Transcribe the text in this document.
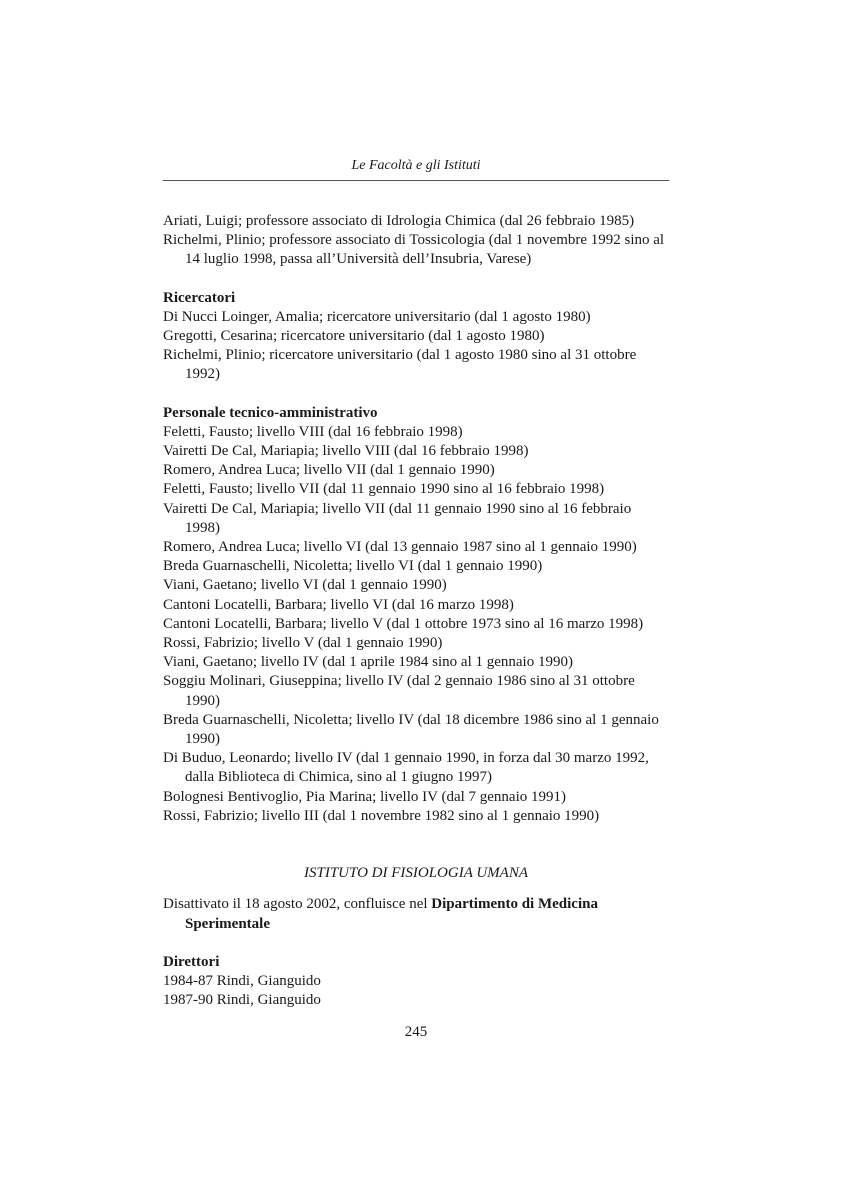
Le Facoltà e gli Istituti

Ariati, Luigi; professore associato di Idrologia Chimica (dal 26 febbraio 1985)

Richelmi, Plinio; professore associato di Tossicologia (dal 1 novembre 1992 sino al 14 luglio 1998, passa all’Università dell’Insubria, Varese)

Ricercatori

Di Nucci Loinger, Amalia; ricercatore universitario (dal 1 agosto 1980)

Gregotti, Cesarina; ricercatore universitario (dal 1 agosto 1980)

Richelmi, Plinio; ricercatore universitario (dal 1 agosto 1980 sino al 31 ottobre 1992)

Personale tecnico-amministrativo

Feletti, Fausto; livello VIII (dal 16 febbraio 1998)

Vairetti De Cal, Mariapia; livello VIII (dal 16 febbraio 1998)

Romero, Andrea Luca; livello VII (dal 1 gennaio 1990)

Feletti, Fausto; livello VII (dal 11 gennaio 1990 sino al 16 febbraio 1998)

Vairetti De Cal, Mariapia; livello VII (dal 11 gennaio 1990 sino al 16 febbraio 1998)

Romero, Andrea Luca; livello VI (dal 13 gennaio 1987 sino al 1 gennaio 1990)

Breda Guarnaschelli, Nicoletta; livello VI (dal 1 gennaio 1990)

Viani, Gaetano; livello VI (dal 1 gennaio 1990)

Cantoni Locatelli, Barbara; livello VI (dal 16 marzo 1998)

Cantoni Locatelli, Barbara; livello V (dal 1 ottobre 1973 sino al 16 marzo 1998)

Rossi, Fabrizio; livello V (dal 1 gennaio 1990)

Viani, Gaetano; livello IV (dal 1 aprile 1984 sino al 1 gennaio 1990)

Soggiu Molinari, Giuseppina; livello IV (dal 2 gennaio 1986 sino al 31 ottobre 1990)

Breda Guarnaschelli, Nicoletta; livello IV (dal 18 dicembre 1986 sino al 1 gennaio 1990)

Di Buduo, Leonardo; livello IV (dal 1 gennaio 1990, in forza dal 30 marzo 1992, dalla Biblioteca di Chimica, sino al 1 giugno 1997)

Bolognesi Bentivoglio, Pia Marina; livello IV (dal 7 gennaio 1991)

Rossi, Fabrizio; livello III (dal 1 novembre 1982 sino al 1 gennaio 1990)

ISTITUTO DI FISIOLOGIA UMANA

Disattivato il 18 agosto 2002, confluisce nel Dipartimento di Medicina Sperimentale

Direttori

1984-87 Rindi, Gianguido

1987-90 Rindi, Gianguido

245
